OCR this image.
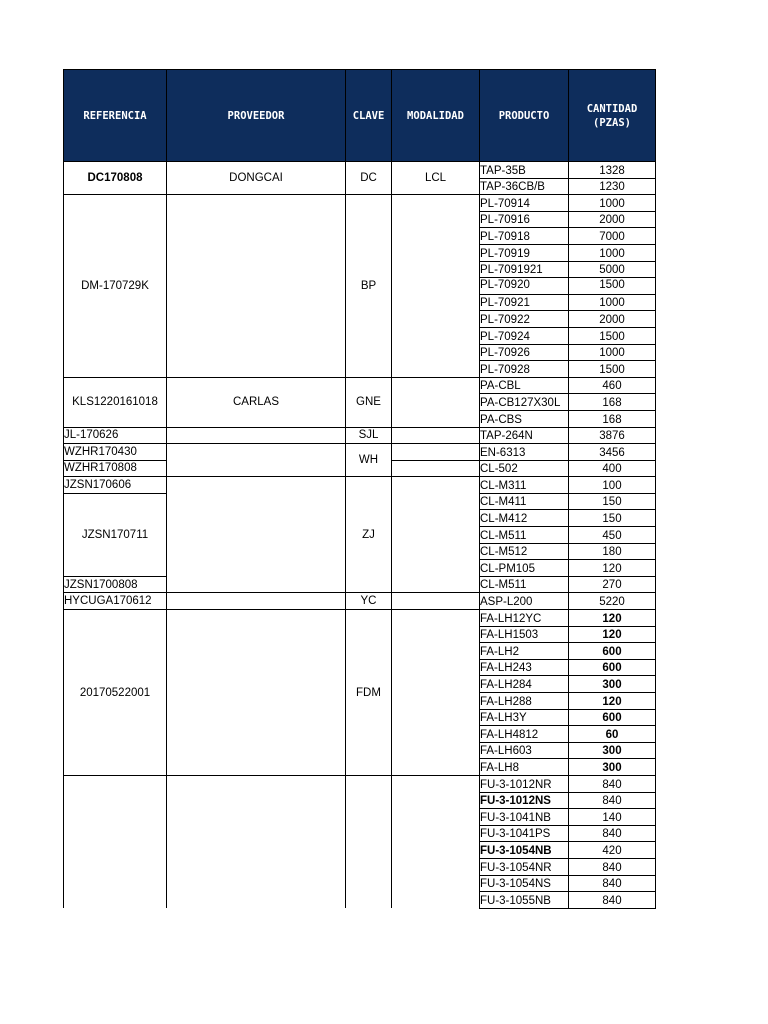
REFERENCIA	PROVEEDOR	CLAVE	MODALIDAD	PRODUCTO	CANTIDAD
(PZAS)
DC170808	DONGCAI	DC	LCL	TAP-35B	1328
				TAP-36CB/B	1230
DM-170729K		BP		PL-70914	1000
				PL-70916	2000
				PL-70918	7000
				PL-70919	1000
				PL-7091921	5000
				PL-70920	1500
				PL-70921	1000
				PL-70922	2000
				PL-70924	1500
				PL-70926	1000
				PL-70928	1500
KLS1220161018	CARLAS	GNE		PA-CBL	460
				PA-CB127X30L	168
				PA-CBS	168
JL-170626		SJL		TAP-264N	3876
WZHR170430		WH		EN-6313	3456
WZHR170808				CL-502	400
JZSN170606		ZJ		CL-M311	100
JZSN170711				CL-M411	150
				CL-M412	150
				CL-M511	450
				CL-M512	180
				CL-PM105	120
JZSN1700808				CL-M511	270
HYCUGA170612		YC		ASP-L200	5220
20170522001		FDM		FA-LH12YC	120
				FA-LH1503	120
				FA-LH2	600
				FA-LH243	600
				FA-LH284	300
				FA-LH288	120
				FA-LH3Y	600
				FA-LH4812	60
				FA-LH603	300
				FA-LH8	300
				FU-3-1012NR	840
				FU-3-1012NS	840
				FU-3-1041NB	140
				FU-3-1041PS	840
				FU-3-1054NB	420
				FU-3-1054NR	840
				FU-3-1054NS	840
				FU-3-1055NB	840
